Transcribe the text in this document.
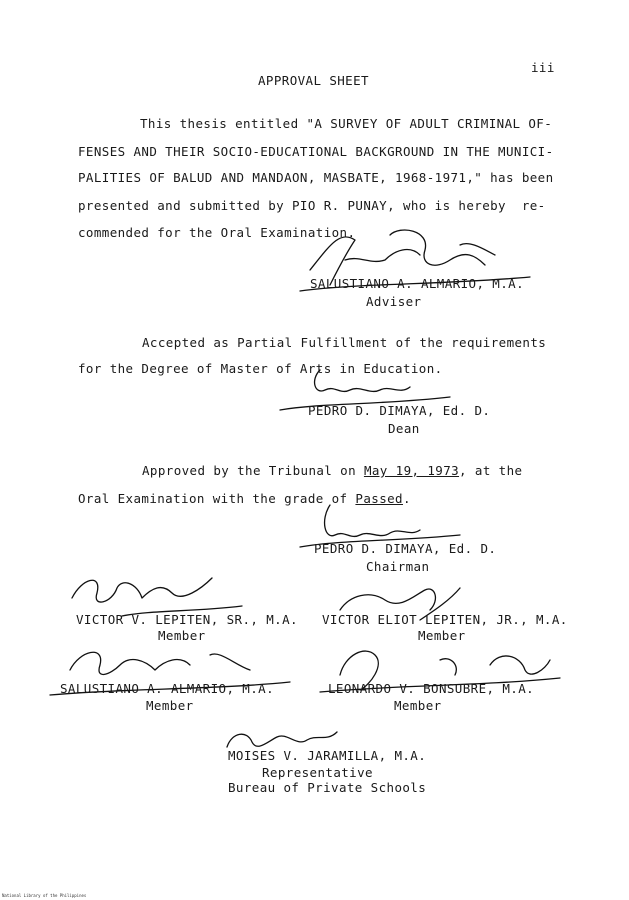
iii
APPROVAL SHEET
This thesis entitled "A SURVEY OF ADULT CRIMINAL OF-
FENSES AND THEIR SOCIO-EDUCATIONAL BACKGROUND IN THE MUNICI-
PALITIES OF BALUD AND MANDAON, MASBATE, 1968-1971," has been
presented and submitted by PIO R. PUNAY, who is hereby  re-
commended for the Oral Examination.
SALUSTIANO A. ALMARIO, M.A.
Adviser
Accepted as Partial Fulfillment of the requirements
for the Degree of Master of Arts in Education.
PEDRO D. DIMAYA, Ed. D.
Dean
Approved by the Tribunal on May 19, 1973, at the
Oral Examination with the grade of Passed.
PEDRO D. DIMAYA, Ed. D.
Chairman
VICTOR V. LEPITEN, SR., M.A.
Member
VICTOR ELIOT LEPITEN, JR., M.A.
Member
SALUSTIANO A. ALMARIO, M.A.
Member
LEONARDO V. BONSUBRE, M.A.
Member
MOISES V. JARAMILLA, M.A.
Representative
Bureau of Private Schools
National Library of the Philippines
